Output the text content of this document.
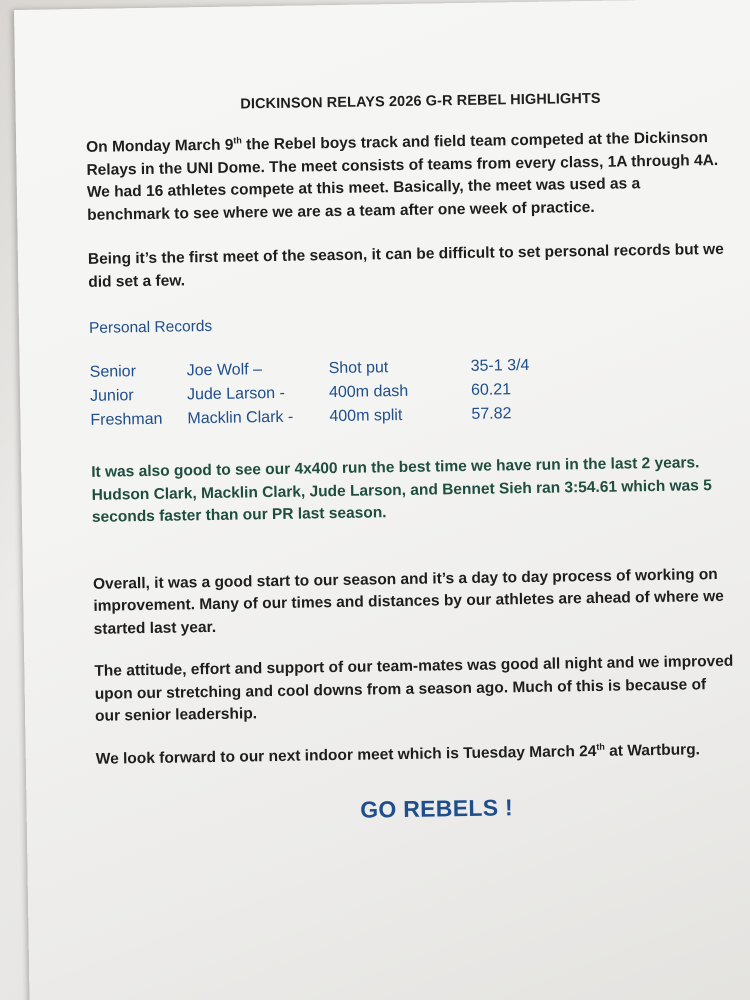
DICKINSON RELAYS 2026 G-R REBEL HIGHLIGHTS

On Monday March 9th the Rebel boys track and field team competed at the Dickinson Relays in the UNI Dome. The meet consists of teams from every class, 1A through 4A. We had 16 athletes compete at this meet. Basically, the meet was used as a benchmark to see where we are as a team after one week of practice.

Being it’s the first meet of the season, it can be difficult to set personal records but we did set a few.

Personal Records

Senior	Joe Wolf –	Shot put	35-1 3/4
Junior	Jude Larson -	400m dash	60.21
Freshman	Macklin Clark -	400m split	57.82

It was also good to see our 4x400 run the best time we have run in the last 2 years. Hudson Clark, Macklin Clark, Jude Larson, and Bennet Sieh ran 3:54.61 which was 5 seconds faster than our PR last season.

Overall, it was a good start to our season and it’s a day to day process of working on improvement. Many of our times and distances by our athletes are ahead of where we started last year.

The attitude, effort and support of our team-mates was good all night and we improved upon our stretching and cool downs from a season ago. Much of this is because of our senior leadership.

We look forward to our next indoor meet which is Tuesday March 24th at Wartburg.

GO REBELS !
